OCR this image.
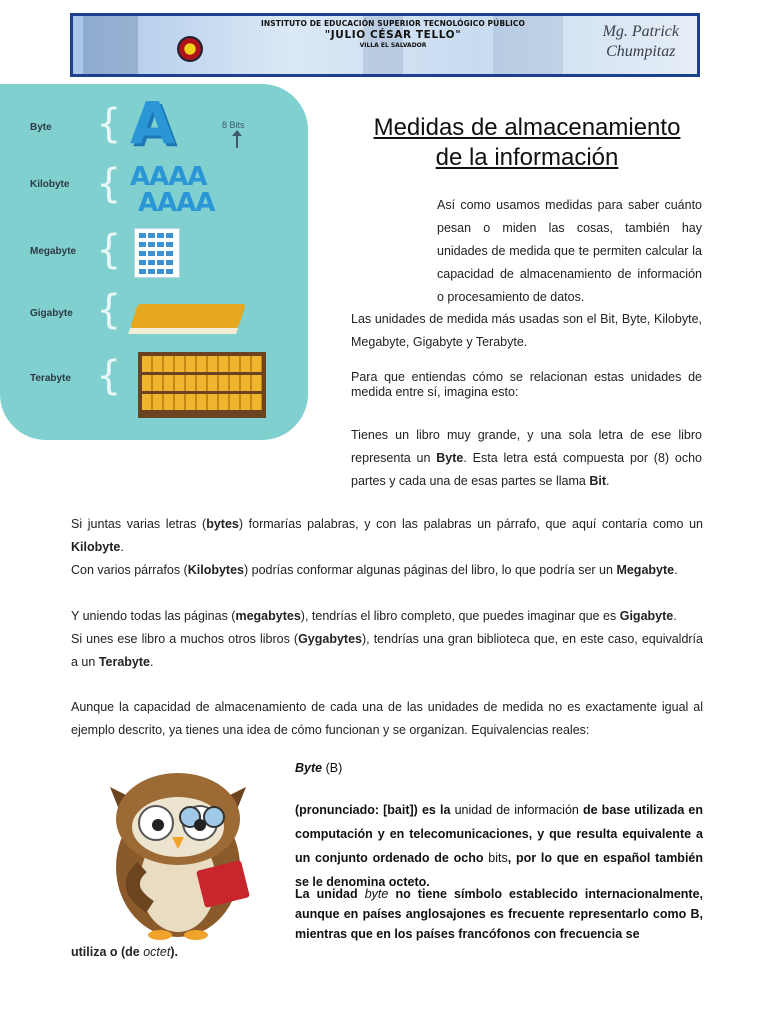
INSTITUTO DE EDUCACIÓN SUPERIOR TECNOLÓGICO PÚBLICO
"JULIO CÉSAR TELLO"
VILLA EL SALVADOR
Mg. Patrick
Chumpitaz
Byte
Kilobyte
Megabyte
Gigabyte
Terabyte
{
{
{
{
{
A	8 Bits
AAAA
AAAA
Medidas de almacenamiento
de la información
Así como usamos medidas para saber cuánto pesan o miden las cosas, también hay unidades de medida que te permiten calcular la capacidad de almacenamiento de información o procesamiento de datos.
Las unidades de medida más usadas son el Bit, Byte, Kilobyte, Megabyte, Gigabyte y Terabyte.
Para que entiendas cómo se relacionan estas unidades de medida entre sí, imagina esto:
Tienes un libro muy grande, y una sola letra de ese libro representa un Byte. Esta letra está compuesta por (8) ocho partes y cada una de esas partes se llama Bit.
Si juntas varias letras (bytes) formarías palabras, y con las palabras un párrafo, que aquí contaría como un Kilobyte.
Con varios párrafos (Kilobytes) podrías conformar algunas páginas del libro, lo que podría ser un Megabyte.
Y uniendo todas las páginas (megabytes), tendrías el libro completo, que puedes imaginar que es Gigabyte.
Si unes ese libro a muchos otros libros (Gygabytes), tendrías una gran biblioteca que, en este caso, equivaldría a un Terabyte.
Aunque la capacidad de almacenamiento de cada una de las unidades de medida no es exactamente igual al ejemplo descrito, ya tienes una idea de cómo funcionan y se organizan. Equivalencias reales:
Byte (B)
(pronunciado: [bait]) es la unidad de información de base utilizada en computación y en telecomunicaciones, y que resulta equivalente a un conjunto ordenado de ocho bits, por lo que en español también se le denomina octeto.
La unidad byte no tiene símbolo establecido internacionalmente, aunque en países anglosajones es frecuente representarlo como B, mientras que en los países francófonos con frecuencia se
utiliza o (de octet).
